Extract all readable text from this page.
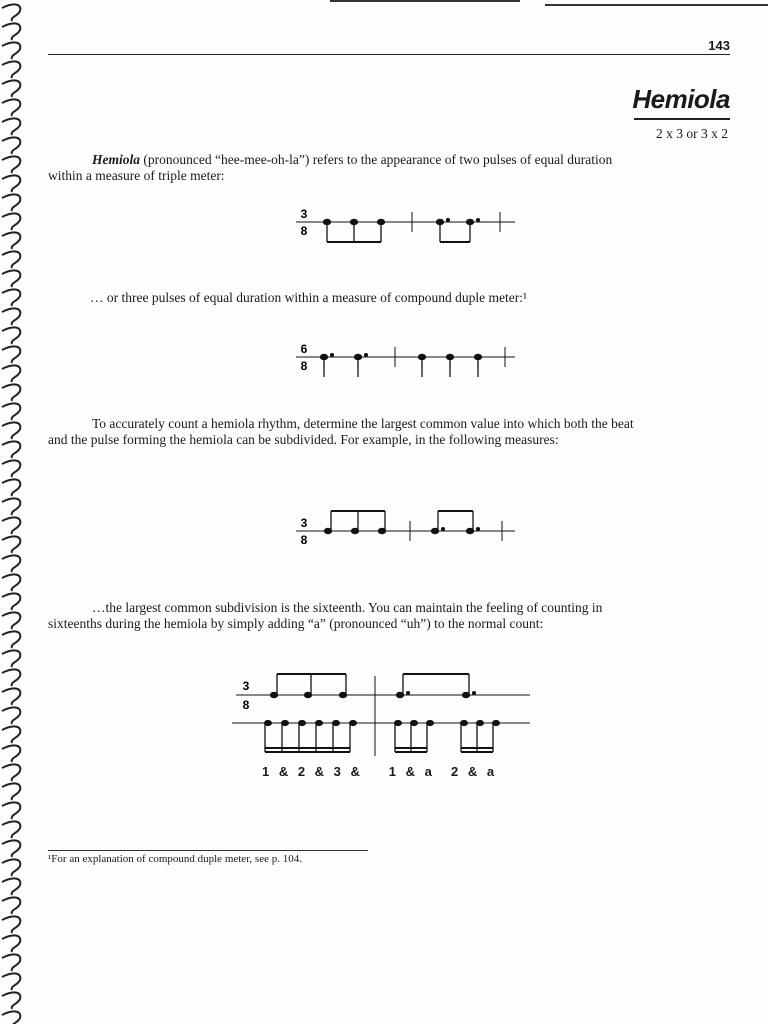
143
Hemiola
2 x 3 or 3 x 2

Hemiola (pronounced “hee-mee-oh-la”) refers to the appearance of two pulses of equal duration within a measure of triple meter:

3
8

… or three pulses of equal duration within a measure of compound duple meter:¹

6
8

To accurately count a hemiola rhythm, determine the largest common value into which both the beat and the pulse forming the hemiola can be subdivided. For example, in the following measures:

3
8

…the largest common subdivision is the sixteenth. You can maintain the feeling of counting in sixteenths during the hemiola by simply adding “a” (pronounced “uh”) to the normal count:

3
8
1 & 2 & 3 &   1 & a  2 & a
¹For an explanation of compound duple meter, see p. 104.
